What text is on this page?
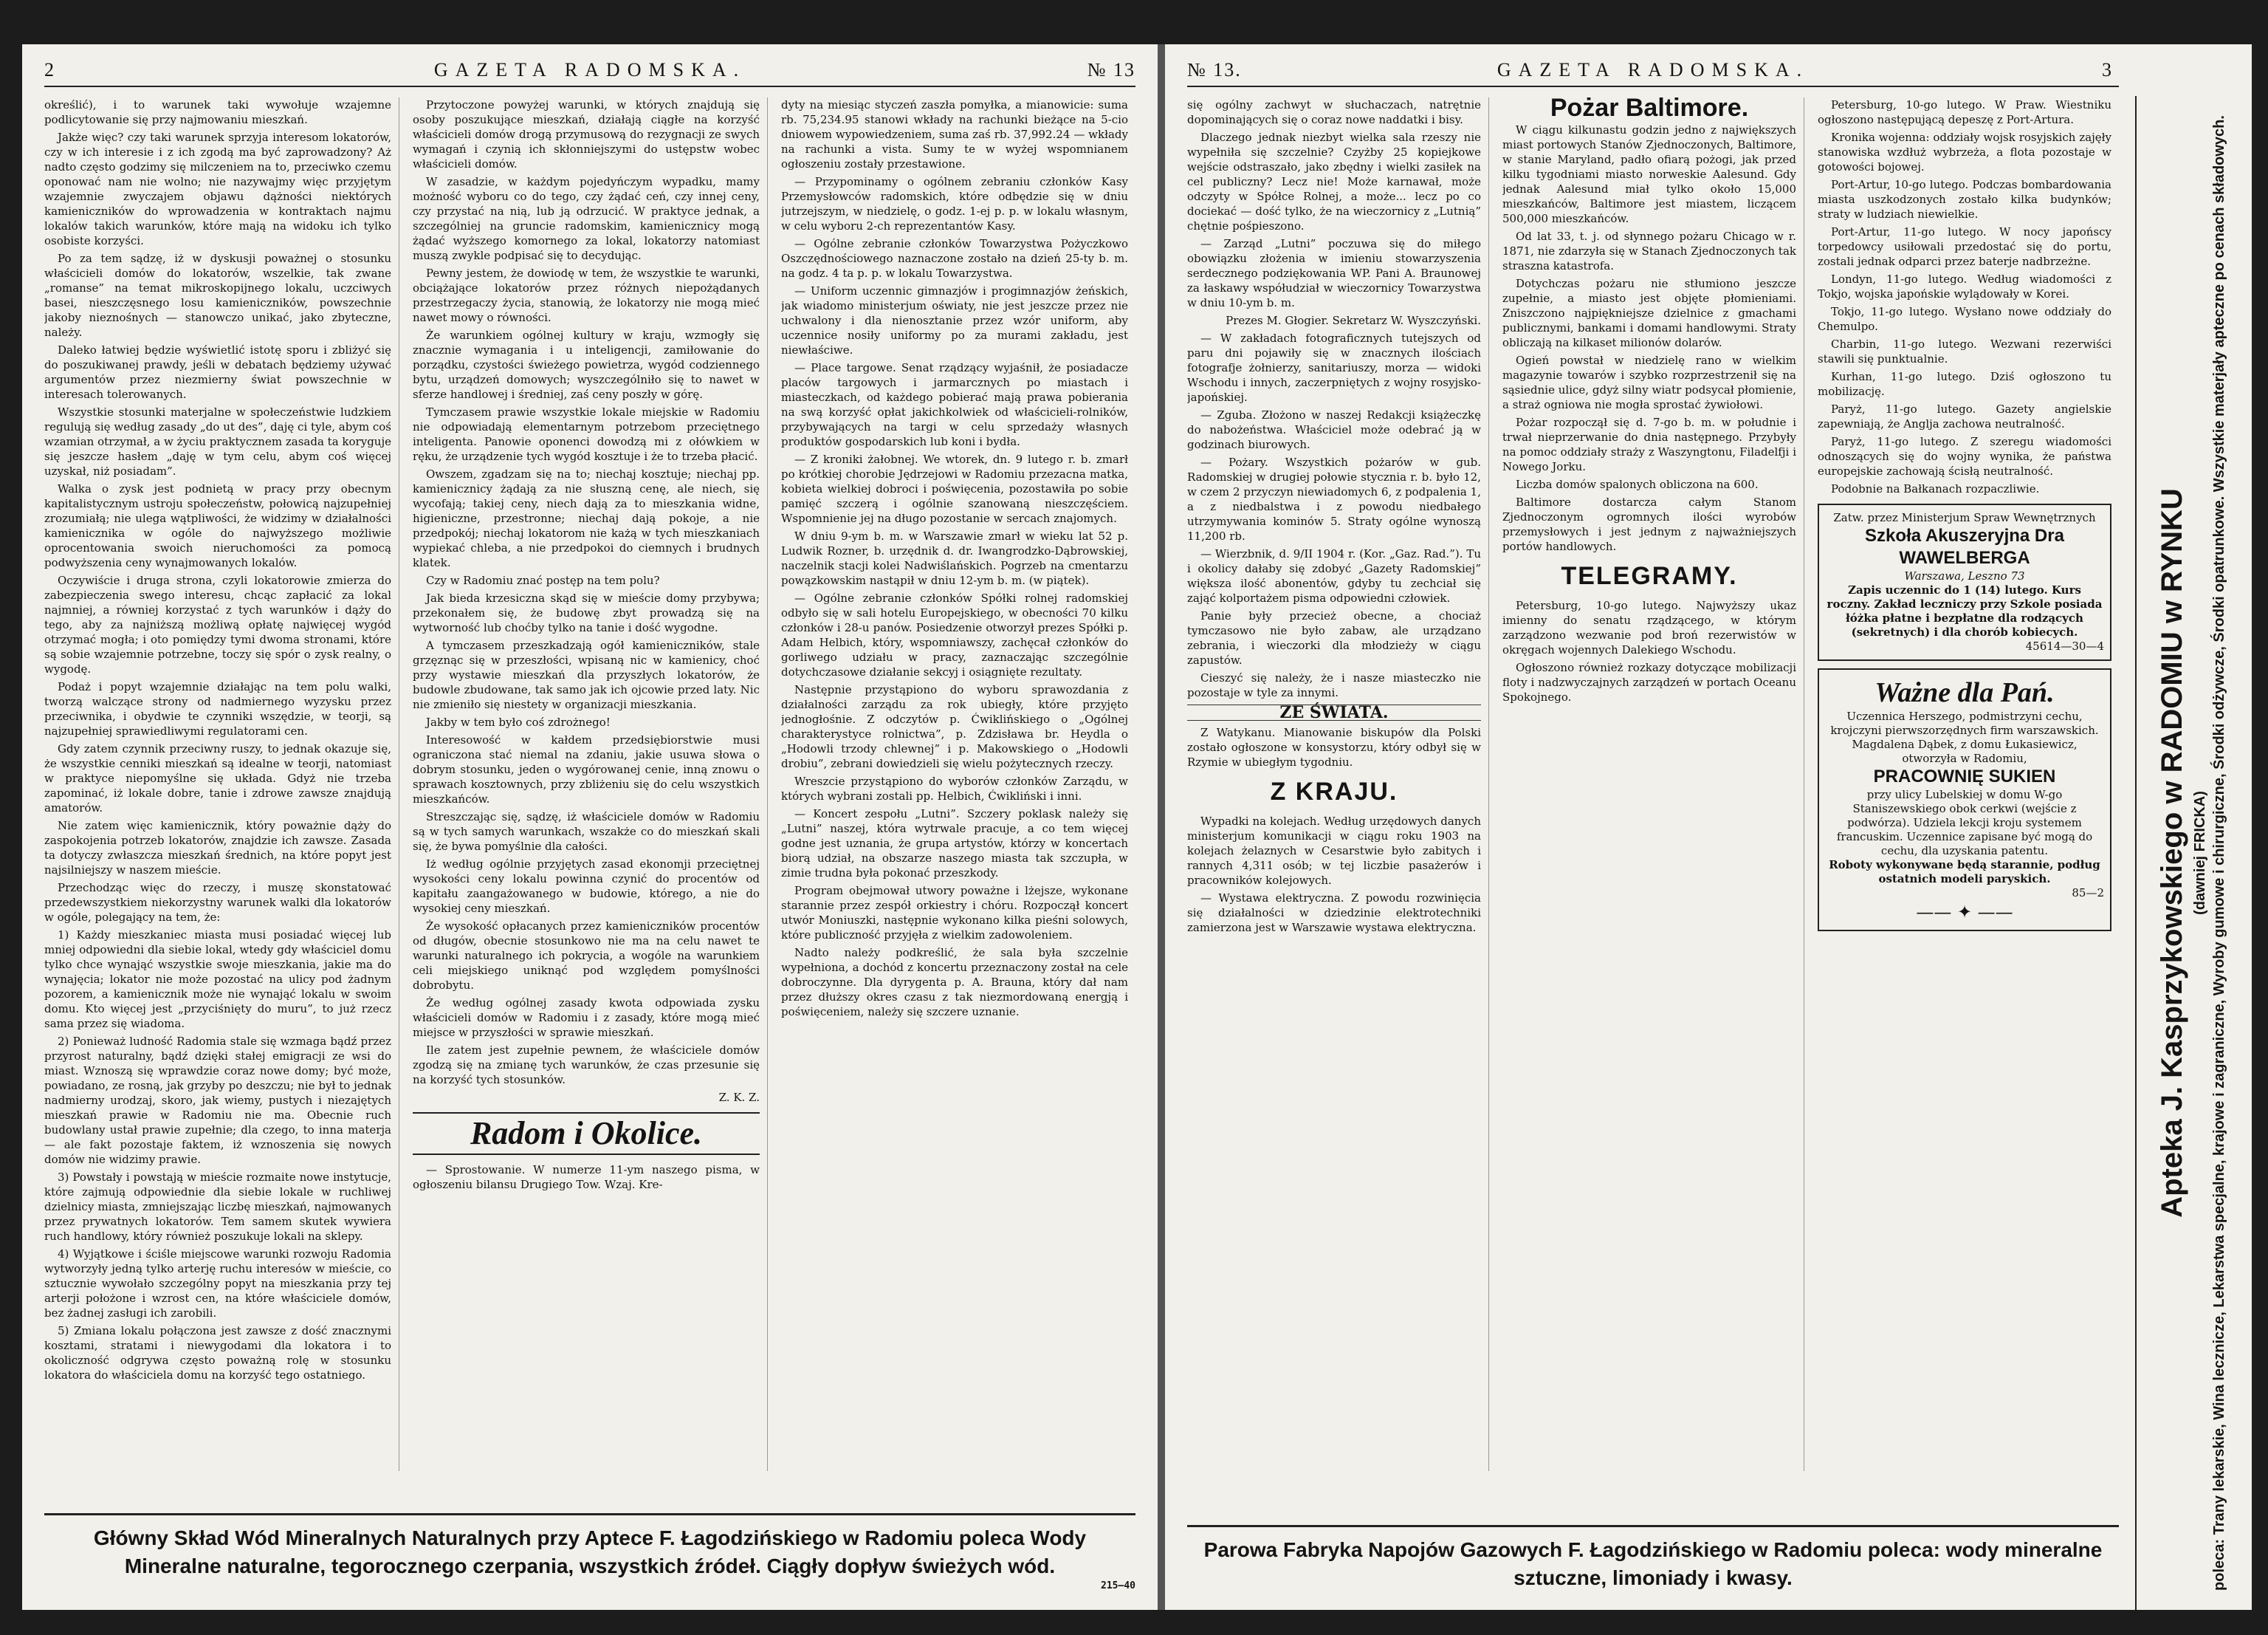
2	GAZETA RADOMSKA.	№ 13

określić), i to warunek taki wywołuje wzajemne podlicytowanie się przy najmowaniu mieszkań.

Jakże więc? czy taki warunek sprzyja interesom lokatorów, czy w ich interesie i z ich zgodą ma być zaprowadzony? Aż nadto często godzimy się milczeniem na to, przeciwko czemu oponować nam nie wolno; nie nazywajmy więc przyjętym wzajemnie zwyczajem objawu dążności niektórych kamieniczników do wprowadzenia w kontraktach najmu lokalów takich warunków, które mają na widoku ich tylko osobiste korzyści.

Po za tem sądzę, iż w dyskusji poważnej o stosunku właścicieli domów do lokatorów, wszelkie, tak zwane „romanse” na temat mikroskopijnego lokalu, uczciwych basei, nieszczęsnego losu kamieniczników, powszechnie jakoby nieznośnych — stanowczo unikać, jako zbyteczne, należy.

Daleko łatwiej będzie wyświetlić istotę sporu i zbliżyć się do poszukiwanej prawdy, jeśli w debatach będziemy używać argumentów przez niezmierny świat powszechnie w interesach tolerowanych.

Wszystkie stosunki materjalne w społeczeństwie ludzkiem regulują się według zasady „do ut des”, daję ci tyle, abym coś wzamian otrzymał, a w życiu praktycznem zasada ta koryguje się jeszcze hasłem „daję w tym celu, abym coś więcej uzyskał, niż posiadam”.

Walka o zysk jest podnietą w pracy przy obecnym kapitalistycznym ustroju społeczeństw, połowicą najzupełniej zrozumiałą; nie ulega wątpliwości, że widzimy w działalności kamienicznika w ogóle do najwyższego możliwie oprocentowania swoich nieruchomości za pomocą podwyższenia ceny wynajmowanych lokalów.

Oczywiście i druga strona, czyli lokatorowie zmierza do zabezpieczenia swego interesu, chcąc zapłacić za lokal najmniej, a równiej korzystać z tych warunków i dąży do tego, aby za najniższą możliwą opłatę najwięcej wygód otrzymać mogła; i oto pomiędzy tymi dwoma stronami, które są sobie wzajemnie potrzebne, toczy się spór o zysk realny, o wygodę.

Podaż i popyt wzajemnie działając na tem polu walki, tworzą walczące strony od nadmiernego wyzysku przez przeciwnika, i obydwie te czynniki wszędzie, w teorji, są najzupełniej sprawiedliwymi regulatorami cen.

Gdy zatem czynnik przeciwny ruszy, to jednak okazuje się, że wszystkie cenniki mieszkań są idealne w teorji, natomiast w praktyce niepomyślne się układa. Gdyż nie trzeba zapominać, iż lokale dobre, tanie i zdrowe zawsze znajdują amatorów.

Nie zatem więc kamienicznik, który poważnie dąży do zaspokojenia potrzeb lokatorów, znajdzie ich zawsze. Zasada ta dotyczy zwłaszcza mieszkań średnich, na które popyt jest najsilniejszy w naszem mieście.

Przechodząc więc do rzeczy, i muszę skonstatować przedewszystkiem niekorzystny warunek walki dla lokatorów w ogóle, polegający na tem, że:

1) Każdy mieszkaniec miasta musi posiadać więcej lub mniej odpowiedni dla siebie lokal, wtedy gdy właściciel domu tylko chce wynająć wszystkie swoje mieszkania, jakie ma do wynajęcia; lokator nie może pozostać na ulicy pod żadnym pozorem, a kamienicznik może nie wynająć lokalu w swoim domu. Kto więcej jest „przyciśnięty do muru”, to już rzecz sama przez się wiadoma.

2) Ponieważ ludność Radomia stale się wzmaga bądź przez przyrost naturalny, bądź dzięki stałej emigracji ze wsi do miast. Wznoszą się wprawdzie coraz nowe domy; być może, powiadano, ze rosną, jak grzyby po deszczu; nie był to jednak nadmierny urodzaj, skoro, jak wiemy, pustych i niezajętych mieszkań prawie w Radomiu nie ma. Obecnie ruch budowlany ustał prawie zupełnie; dla czego, to inna materja — ale fakt pozostaje faktem, iż wznoszenia się nowych domów nie widzimy prawie.

3) Powstały i powstają w mieście rozmaite nowe instytucje, które zajmują odpowiednie dla siebie lokale w ruchliwej dzielnicy miasta, zmniejszając liczbę mieszkań, najmowanych przez prywatnych lokatorów. Tem samem skutek wywiera ruch handlowy, który również poszukuje lokali na sklepy.

4) Wyjątkowe i ściśle miejscowe warunki rozwoju Radomia wytworzyły jedną tylko arterję ruchu interesów w mieście, co sztucznie wywołało szczególny popyt na mieszkania przy tej arterji położone i wzrost cen, na które właściciele domów, bez żadnej zasługi ich zarobili.

5) Zmiana lokalu połączona jest zawsze z dość znacznymi kosztami, stratami i niewygodami dla lokatora i to okoliczność odgrywa często poważną rolę w stosunku lokatora do właściciela domu na korzyść tego ostatniego.

Przytoczone powyżej warunki, w których znajdują się osoby poszukujące mieszkań, działają ciągłe na korzyść właścicieli domów drogą przymusową do rezygnacji ze swych wymagań i czynią ich skłonniejszymi do ustępstw wobec właścicieli domów.

W zasadzie, w każdym pojedyńczym wypadku, mamy możność wyboru co do tego, czy żądać ceń, czy innej ceny, czy przystać na nią, lub ją odrzucić. W praktyce jednak, a szczególniej na gruncie radomskim, kamienicznicy mogą żądać wyższego komornego za lokal, lokatorzy natomiast muszą zwykle podpisać się to decydując.

Pewny jestem, że dowiodę w tem, że wszystkie te warunki, obciążające lokatorów przez różnych niepożądanych przestrzegaczy życia, stanowią, że lokatorzy nie mogą mieć nawet mowy o równości.

Że warunkiem ogólnej kultury w kraju, wzmogły się znacznie wymagania i u inteligencji, zamiłowanie do porządku, czystości świeżego powietrza, wygód codziennego bytu, urządzeń domowych; wyszczególniło się to nawet w sferze handlowej i średniej, zaś ceny poszły w górę.

Tymczasem prawie wszystkie lokale miejskie w Radomiu nie odpowiadają elementarnym potrzebom przeciętnego inteligenta. Panowie oponenci dowodzą mi z ołówkiem w ręku, że urządzenie tych wygód kosztuje i że to trzeba płacić.

Owszem, zgadzam się na to; niechaj kosztuje; niechaj pp. kamienicznicy żądają za nie słuszną cenę, ale niech, się wycofają; takiej ceny, niech dają za to mieszkania widne, higieniczne, przestronne; niechaj dają pokoje, a nie przedpokój; niechaj lokatorom nie każą w tych mieszkaniach wypiekać chleba, a nie przedpokoi do ciemnych i brudnych klatek.

Czy w Radomiu znać postęp na tem polu?

Jak bieda krzesiczna skąd się w mieście domy przybywa; przekonałem się, że budowę zbyt prowadzą się na wytworność lub choćby tylko na tanie i dość wygodne.

A tymczasem przeszkadzają ogół kamieniczników, stale grzęznąc się w przeszłości, wpisaną nic w kamienicy, choć przy wystawie mieszkań dla przyszłych lokatorów, że budowle zbudowane, tak samo jak ich ojcowie przed laty. Nic nie zmieniło się niestety w organizacji mieszkania.

Jakby w tem było coś zdrożnego!

Interesowość w kałdem przedsiębiorstwie musi ograniczona stać niemal na zdaniu, jakie usuwa słowa o dobrym stosunku, jeden o wygórowanej cenie, inną znowu o sprawach kosztownych, przy zbliżeniu się do celu wszystkich mieszkańców.

Streszczając się, sądzę, iż właściciele domów w Radomiu są w tych samych warunkach, wszakże co do mieszkań skali się, że bywa pomyślnie dla całości.

Iż według ogólnie przyjętych zasad ekonomji przeciętnej wysokości ceny lokalu powinna czynić do procentów od kapitału zaangażowanego w budowie, którego, a nie do wysokiej ceny mieszkań.

Że wysokość opłacanych przez kamieniczników procentów od długów, obecnie stosunkowo nie ma na celu nawet te warunki naturalnego ich pokrycia, a wogóle na warunkiem celi miejskiego uniknąć pod względem pomyślności dobrobytu.

Że według ogólnej zasady kwota odpowiada zysku właścicieli domów w Radomiu i z zasady, które mogą mieć miejsce w przyszłości w sprawie mieszkań.

Ile zatem jest zupełnie pewnem, że właściciele domów zgodzą się na zmianę tych warunków, że czas przesunie się na korzyść tych stosunków.

Z. K. Z.

Radom i Okolice.

— Sprostowanie. W numerze 11-ym naszego pisma, w ogłoszeniu bilansu Drugiego Tow. Wzaj. Kre-

dyty na miesiąc styczeń zaszła pomyłka, a mianowicie: suma rb. 75,234.95 stanowi wkłady na rachunki bieżące na 5-cio dniowem wypowiedzeniem, suma zaś rb. 37,992.24 — wkłady na rachunki a vista. Sumy te w wyżej wspomnianem ogłoszeniu zostały przestawione.

— Przypominamy o ogólnem zebraniu członków Kasy Przemysłowców radomskich, które odbędzie się w dniu jutrzejszym, w niedzielę, o godz. 1-ej p. p. w lokalu własnym, w celu wyboru 2-ch reprezentantów Kasy.

— Ogólne zebranie członków Towarzystwa Pożyczkowo Oszczędnościowego naznaczone zostało na dzień 25-ty b. m. na godz. 4 ta p. p. w lokalu Towarzystwa.

— Uniform uczennic gimnazjów i progimnazjów żeńskich, jak wiadomo ministerjum oświaty, nie jest jeszcze przez nie uchwalony i dla nienosztanie przez wzór uniform, aby uczennice nosiły uniformy po za murami zakładu, jest niewłaściwe.

— Place targowe. Senat rządzący wyjaśnił, że posiadacze placów targowych i jarmarcznych po miastach i miasteczkach, od każdego pobierać mają prawa pobierania na swą korzyść opłat jakichkolwiek od właścicieli-rolników, przybywających na targi w celu sprzedaży własnych produktów gospodarskich lub koni i bydła.

— Z kroniki żałobnej. We wtorek, dn. 9 lutego r. b. zmarł po krótkiej chorobie Jędrzejowi w Radomiu przezacna matka, kobieta wielkiej dobroci i poświęcenia, pozostawiła po sobie pamięć szczerą i ogólnie szanowaną nieszczęściem. Wspomnienie jej na długo pozostanie w sercach znajomych.

W dniu 9-ym b. m. w Warszawie zmarł w wieku lat 52 p. Ludwik Rozner, b. urzędnik d. dr. Iwangrodzko-Dąbrowskiej, naczelnik stacji kolei Nadwiślańskich. Pogrzeb na cmentarzu powązkowskim nastąpił w dniu 12-ym b. m. (w piątek).

— Ogólne zebranie członków Spółki rolnej radomskiej odbyło się w sali hotelu Europejskiego, w obecności 70 kilku członków i 28-u panów. Posiedzenie otworzył prezes Spółki p. Adam Helbich, który, wspomniawszy, zachęcał członków do gorliwego udziału w pracy, zaznaczając szczególnie dotychczasowe działanie sekcyj i osiągnięte rezultaty.

Następnie przystąpiono do wyboru sprawozdania z działalności zarządu za rok ubiegły, które przyjęto jednogłośnie. Z odczytów p. Ćwiklińskiego o „Ogólnej charakterystyce rolnictwa”, p. Zdzisława br. Heydla o „Hodowli trzody chlewnej” i p. Makowskiego o „Hodowli drobiu”, zebrani dowiedzieli się wielu pożytecznych rzeczy.

Wreszcie przystąpiono do wyborów członków Zarządu, w których wybrani zostali pp. Helbich, Ćwikliński i inni.

— Koncert zespołu „Lutni”. Szczery poklask należy się „Lutni” naszej, która wytrwale pracuje, a co tem więcej godne jest uznania, że grupa artystów, którzy w koncertach biorą udział, na obszarze naszego miasta tak szczupła, w zimie trudna była pokonać przeszkody.

Program obejmował utwory poważne i lżejsze, wykonane starannie przez zespół orkiestry i chóru. Rozpoczął koncert utwór Moniuszki, następnie wykonano kilka pieśni solowych, które publiczność przyjęła z wielkim zadowoleniem.

Nadto należy podkreślić, że sala była szczelnie wypełniona, a dochód z koncertu przeznaczony został na cele dobroczynne. Dla dyrygenta p. A. Brauna, który dał nam przez dłuższy okres czasu z tak niezmordowaną energją i poświęceniem, należy się szczere uznanie.

Główny Skład Wód Mineralnych Naturalnych przy Aptece F. Łagodzińskiego w Radomiu poleca Wody Mineralne naturalne, tegorocznego czerpania, wszystkich źródeł. Ciągły dopływ świeżych wód.
215—40
№ 13.	GAZETA RADOMSKA.	3

się ogólny zachwyt w słuchaczach, natrętnie dopominających się o coraz nowe naddatki i bisy.

Dlaczego jednak niezbyt wielka sala rzeszy nie wypełniła się szczelnie? Czyżby 25 kopiejkowe wejście odstraszało, jako zbędny i wielki zasiłek na cel publiczny? Lecz nie! Może karnawał, może odczyty w Spółce Rolnej, a może... lecz po co dociekać — dość tylko, że na wieczornicy z „Lutnią” chętnie pośpieszono.

— Zarząd „Lutni” poczuwa się do miłego obowiązku złożenia w imieniu stowarzyszenia serdecznego podziękowania WP. Pani A. Braunowej za łaskawy współudział w wieczornicy Towarzystwa w dniu 10-ym b. m.

Prezes M. Głogier. Sekretarz W. Wyszczyński.

— W zakładach fotograficznych tutejszych od paru dni pojawiły się w znacznych ilościach fotografje żołnierzy, sanitariuszy, morza — widoki Wschodu i innych, zaczerpniętych z wojny rosyjsko-japońskiej.

— Zguba. Złożono w naszej Redakcji książeczkę do nabożeństwa. Właściciel może odebrać ją w godzinach biurowych.

— Pożary. Wszystkich pożarów w gub. Radomskiej w drugiej połowie stycznia r. b. było 12, w czem 2 przyczyn niewiadomych 6, z podpalenia 1, a z niedbalstwa i z powodu niedbałego utrzymywania kominów 5. Straty ogólne wynoszą 11,200 rb.

— Wierzbnik, d. 9/II 1904 r. (Kor. „Gaz. Rad.”). Tu i okolicy dałaby się zdobyć „Gazety Radomskiej” większa ilość abonentów, gdyby tu zechciał się zająć kolportażem pisma odpowiedni człowiek.

Panie były przecież obecne, a chociaż tymczasowo nie było zabaw, ale urządzano zebrania, i wieczorki dla młodzieży w ciągu zapustów.

Cieszyć się należy, że i nasze miasteczko nie pozostaje w tyle za innymi.

ZE ŚWIATA.

Z Watykanu. Mianowanie biskupów dla Polski zostało ogłoszone w konsystorzu, który odbył się w Rzymie w ubiegłym tygodniu.

Z KRAJU.

Wypadki na kolejach. Według urzędowych danych ministerjum komunikacji w ciągu roku 1903 na kolejach żelaznych w Cesarstwie było zabitych i rannych 4,311 osób; w tej liczbie pasażerów i pracowników kolejowych.

— Wystawa elektryczna. Z powodu rozwinięcia się działalności w dziedzinie elektrotechniki zamierzona jest w Warszawie wystawa elektryczna.

Pożar Baltimore.

W ciągu kilkunastu godzin jedno z największych miast portowych Stanów Zjednoczonych, Baltimore, w stanie Maryland, padło ofiarą pożogi, jak przed kilku tygodniami miasto norweskie Aalesund. Gdy jednak Aalesund miał tylko około 15,000 mieszkańców, Baltimore jest miastem, liczącem 500,000 mieszkańców.

Od lat 33, t. j. od słynnego pożaru Chicago w r. 1871, nie zdarzyła się w Stanach Zjednoczonych tak straszna katastrofa.

Dotychczas pożaru nie stłumiono jeszcze zupełnie, a miasto jest objęte płomieniami. Zniszczono najpiękniejsze dzielnice z gmachami publicznymi, bankami i domami handlowymi. Straty obliczają na kilkaset milionów dolarów.

Ogień powstał w niedzielę rano w wielkim magazynie towarów i szybko rozprzestrzenił się na sąsiednie ulice, gdyż silny wiatr podsycał płomienie, a straż ogniowa nie mogła sprostać żywiołowi.

Pożar rozpoczął się d. 7-go b. m. w południe i trwał nieprzerwanie do dnia następnego. Przybyły na pomoc oddziały straży z Waszyngtonu, Filadelfji i Nowego Jorku.

Liczba domów spalonych obliczona na 600.

Baltimore dostarcza całym Stanom Zjednoczonym ogromnych ilości wyrobów przemysłowych i jest jednym z najważniejszych portów handlowych.

TELEGRAMY.

Petersburg, 10-go lutego. Najwyższy ukaz imienny do senatu rządzącego, w którym zarządzono wezwanie pod broń rezerwistów w okręgach wojennych Dalekiego Wschodu.

Ogłoszono również rozkazy dotyczące mobilizacji floty i nadzwyczajnych zarządzeń w portach Oceanu Spokojnego.

Petersburg, 10-go lutego. W Praw. Wiestniku ogłoszono następującą depeszę z Port-Artura.

Kronika wojenna: oddziały wojsk rosyjskich zajęły stanowiska wzdłuż wybrzeża, a flota pozostaje w gotowości bojowej.

Port-Artur, 10-go lutego. Podczas bombardowania miasta uszkodzonych zostało kilka budynków; straty w ludziach niewielkie.

Port-Artur, 11-go lutego. W nocy japońscy torpedowcy usiłowali przedostać się do portu, zostali jednak odparci przez baterje nadbrzeżne.

Londyn, 11-go lutego. Według wiadomości z Tokjo, wojska japońskie wylądowały w Korei.

Tokjo, 11-go lutego. Wysłano nowe oddziały do Chemulpo.

Charbin, 11-go lutego. Wezwani rezerwiści stawili się punktualnie.

Kurhan, 11-go lutego. Dziś ogłoszono tu mobilizację.

Paryż, 11-go lutego. Gazety angielskie zapewniają, że Anglja zachowa neutralność.

Paryż, 11-go lutego. Z szeregu wiadomości odnoszących się do wojny wynika, że państwa europejskie zachowają ścisłą neutralność.

Podobnie na Bałkanach rozpaczliwie.

Zatw. przez Ministerjum Spraw Wewnętrznych
Szkoła Akuszeryjna Dra WAWELBERGA
Warszawa, Leszno 73
Zapis uczennic do 1 (14) lutego. Kurs roczny. Zakład leczniczy przy Szkole posiada łóżka płatne i bezpłatne dla rodzących (sekretnych) i dla chorób kobiecych.
45614—30—4
Ważne dla Pań.
Uczennica Herszego, podmistrzyni cechu, krojczyni pierwszorzędnych firm warszawskich. Magdalena Dąbek, z domu Łukasiewicz, otworzyła w Radomiu,
PRACOWNIĘ SUKIEN
przy ulicy Lubelskiej w domu W-go Staniszewskiego obok cerkwi (wejście z podwórza). Udziela lekcji kroju systemem francuskim. Uczennice zapisane być mogą do cechu, dla uzyskania patentu.
Roboty wykonywane będą starannie, podług ostatnich modeli paryskich.
85—2
—— ✦ ——	Apteka J. Kasprzykowskiego w RADOMIU w RYNKU (dawniej FRICKA) poleca: Trany lekarskie, Wina lecznicze, Lekarstwa specjalne, krajowe i zagraniczne, Wyroby gumowe i chirurgiczne, Środki odżywcze, Środki opatrunkowe. Wszystkie materjały apteczne po cenach składowych.
Parowa Fabryka Napojów Gazowych F. Łagodzińskiego w Radomiu poleca: wody mineralne sztuczne, limoniady i kwasy.
